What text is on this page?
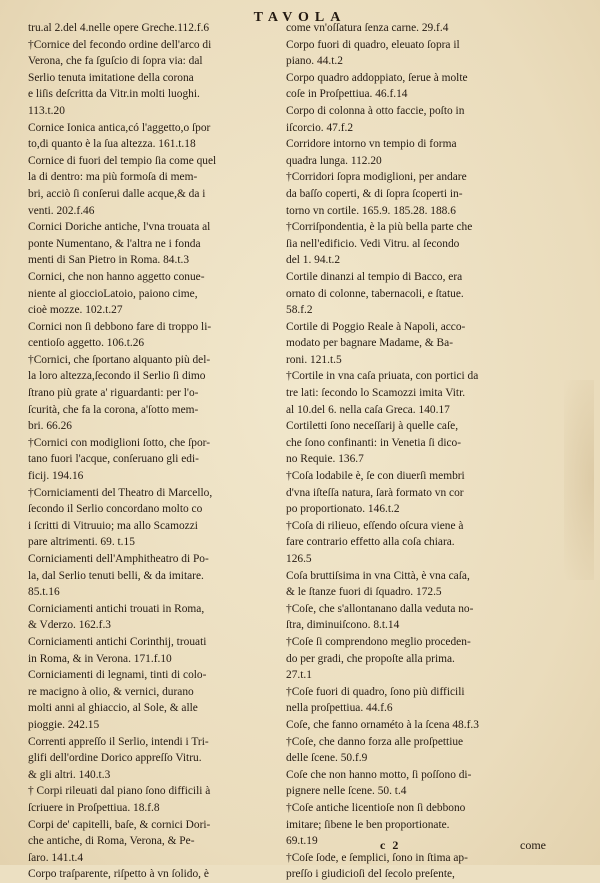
TAVOLA
tru.al 2.del 4.nelle opere Greche.112.f.6
†Cornice del fecondo ordine dell'arco di
Verona, che fa ſguſcio di ſopra via: dal
Serlio tenuta imitatione della corona
e liſis deſcritta da Vitr.in molti luoghi.
113.t.20
Cornice Ionica antica,có l'aggetto,o ſpor
to,di quanto è la ſua altezza. 161.t.18
Cornice di fuori del tempio ſia come quel
la di dentro: ma più formoſa di mem-
bri, acciò ſi conſerui dalle acque,& da i
venti. 202.f.46
Cornici Doriche antiche, l'vna trouata al
ponte Numentano, & l'altra ne i fonda
menti di San Pietro in Roma. 84.t.3
Cornici, che non hanno aggetto conue-
niente al gioccioLatoio, paiono cime,
cioè mozze. 102.t.27
Cornici non ſi debbono fare di troppo li-
centioſo aggetto. 106.t.26
†Cornici, che ſportano alquanto più del-
la loro altezza,ſecondo il Serlio ſi dimo
ſtrano più grate a' riguardanti: per l'o-
ſcurità, che fa la corona, a'ſotto mem-
bri. 66.26
†Cornici con modiglioni ſotto, che ſpor-
tano fuori l'acque, conſeruano gli edi-
ficij. 194.16
†Corniciamenti del Theatro di Marcello,
ſecondo il Serlio concordano molto co
i ſcritti di Vitruuio; ma allo Scamozzi
pare altrimenti. 69. t.15
Corniciamenti dell'Amphitheatro di Po-
la, dal Serlio tenuti belli, & da imitare.
85.t.16
Corniciamenti antichi trouati in Roma,
& Vderzo. 162.f.3
Corniciamenti antichi Corinthij, trouati
in Roma, & in Verona. 171.f.10
Corniciamenti di legnami, tinti di colo-
re macigno à olio, & vernici, durano
molti anni al ghiaccio, al Sole, & alle
pioggie. 242.15
Correnti appreſſo il Serlio, intendi i Tri-
glifi dell'ordine Dorico appreſſo Vitru.
& gli altri. 140.t.3
† Corpi rileuati dal piano ſono difficili à
ſcriuere in Proſpettiua. 18.f.8
Corpi de' capitelli, baſe, & cornici Dori-
che antiche, di Roma, Verona, & Pe-
ſaro. 141.t.4
Corpo traſparente, riſpetto à vn ſolido, è
come vn'oſſatura ſenza carne. 29.f.4
Corpo fuori di quadro, eleuato ſopra il
piano. 44.t.2
Corpo quadro addoppiato, ſerue à molte
coſe in Proſpettiua. 46.f.14
Corpo di colonna à otto faccie, poſto in
iſcorcio. 47.f.2
Corridore intorno vn tempio di forma
quadra lunga. 112.20
†Corridori ſopra modiglioni, per andare
da baſſo coperti, & di ſopra ſcoperti in-
torno vn cortile. 165.9. 185.28. 188.6
†Corriſpondentia, è la più bella parte che
ſia nell'edificio. Vedi Vitru. al ſecondo
del 1. 94.t.2
Cortile dinanzi al tempio di Bacco, era
ornato di colonne, tabernacoli, e ſtatue.
58.f.2
Cortile di Poggio Reale à Napoli, acco-
modato per bagnare Madame, & Ba-
roni. 121.t.5
†Cortile in vna caſa priuata, con portici da
tre lati: ſecondo lo Scamozzi imita Vitr.
al 10.del 6. nella caſa Greca. 140.17
Cortiletti ſono neceſſarij à quelle caſe,
che ſono confinanti: in Venetia ſi dico-
no Requie. 136.7
†Coſa lodabile è, ſe con diuerſi membri
d'vna iſteſſa natura, ſarà formato vn cor
po proportionato. 146.t.2
†Coſa di rilieuo, eſſendo oſcura viene à
fare contrario effetto alla coſa chiara.
126.5
Coſa bruttiſsima in vna Città, è vna caſa,
& le ſtanze fuori di ſquadro. 172.5
†Coſe, che s'allontanano dalla veduta no-
ſtra, diminuiſcono. 8.t.14
†Coſe ſi comprendono meglio proceden-
do per gradi, che propoſte alla prima.
27.t.1
†Coſe fuori di quadro, ſono più difficili
nella proſpettiua. 44.f.6
Coſe, che fanno ornaméto à la ſcena 48.f.3
†Coſe, che danno forza alle proſpettiue
delle ſcene. 50.f.9
Coſe che non hanno motto, ſi poſſono di-
pignere nelle ſcene. 50. t.4
†Coſe antiche licentioſe non ſi debbono
imitare; ſibene le ben proportionate.
69.t.19
†Coſe ſode, e ſemplici, ſono in ſtima ap-
preſſo i giudicioſi del ſecolo preſente,
c 2	come
